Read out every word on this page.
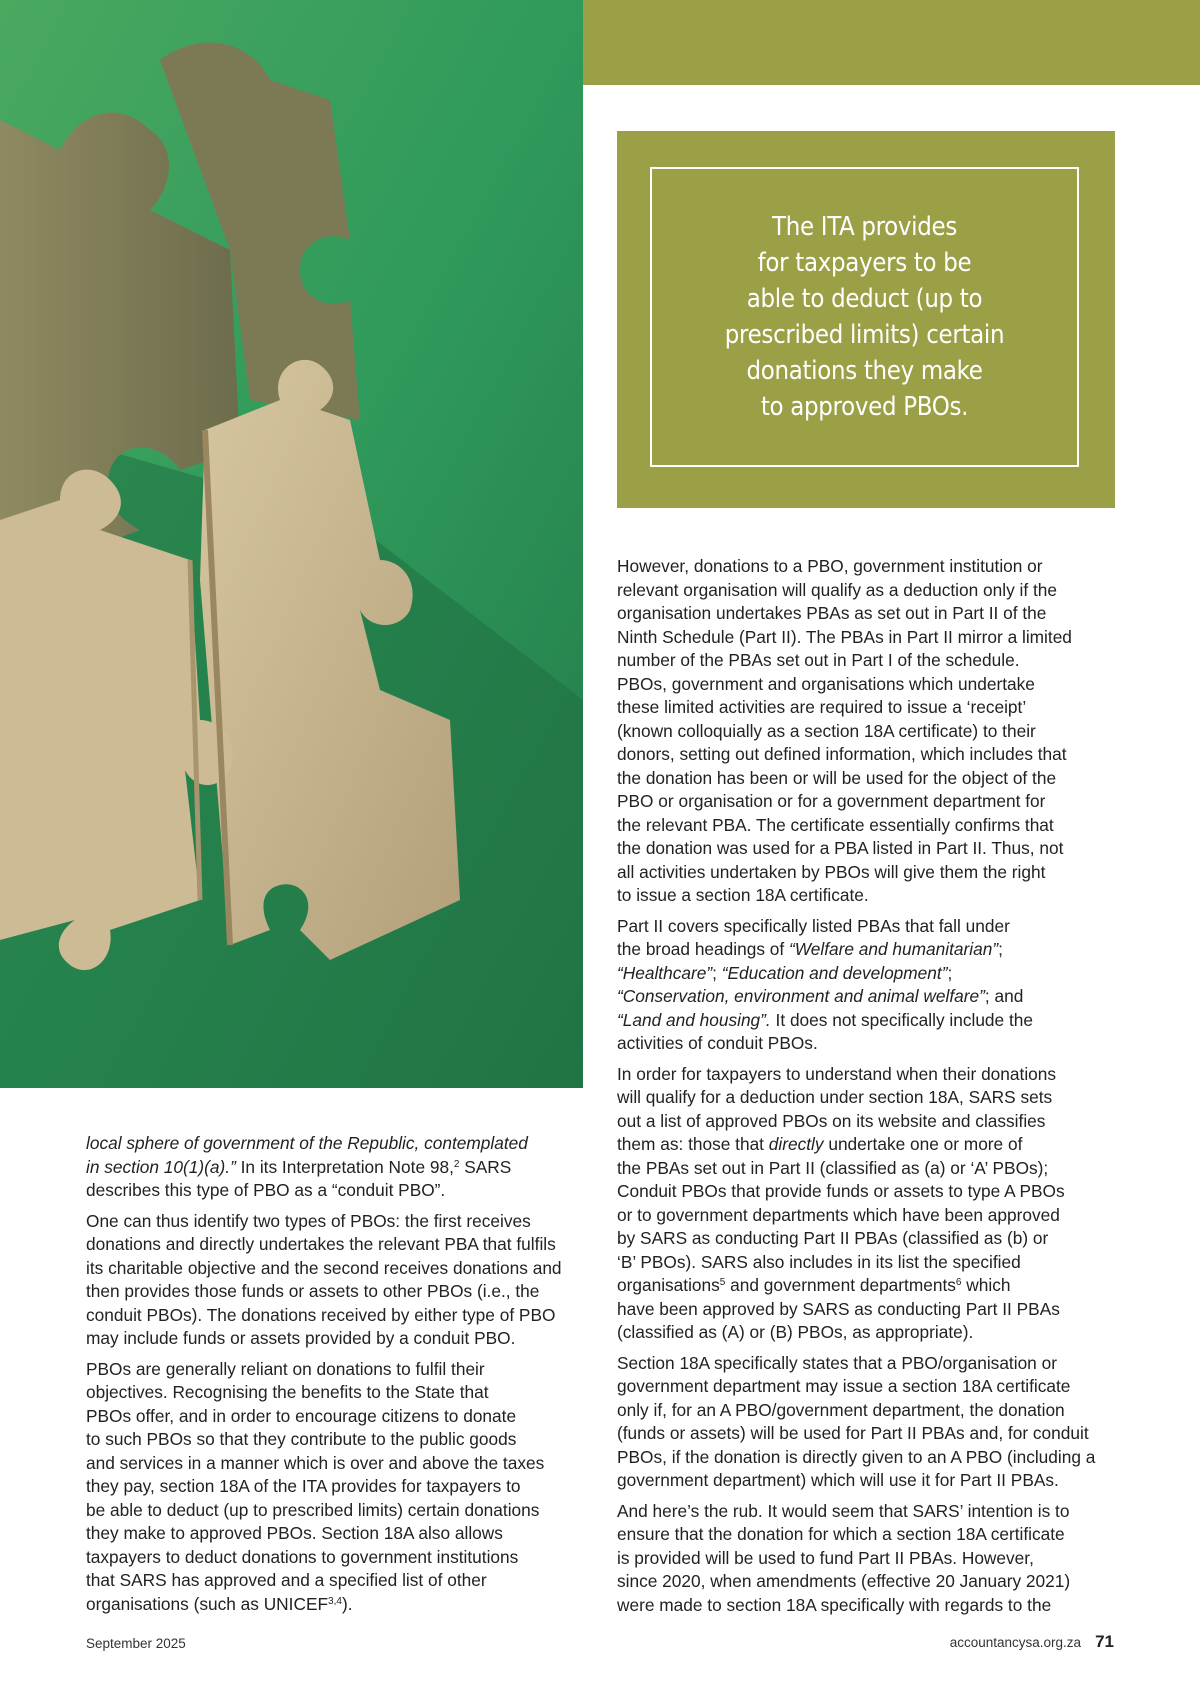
The ITA provides
for taxpayers to be
able to deduct (up to
prescribed limits) certain
donations they make
to approved PBOs.

local sphere of government of the Republic, contemplated
in section 10(1)(a).” In its Interpretation Note 98,$^2$ SARS
describes this type of PBO as a “conduit PBO”.

One can thus identify two types of PBOs: the first receives
donations and directly undertakes the relevant PBA that fulfils
its charitable objective and the second receives donations and
then provides those funds or assets to other PBOs (i.e., the
conduit PBOs). The donations received by either type of PBO
may include funds or assets provided by a conduit PBO.

PBOs are generally reliant on donations to fulfil their
objectives. Recognising the benefits to the State that
PBOs offer, and in order to encourage citizens to donate
to such PBOs so that they contribute to the public goods
and services in a manner which is over and above the taxes
they pay, section 18A of the ITA provides for taxpayers to
be able to deduct (up to prescribed limits) certain donations
they make to approved PBOs. Section 18A also allows
taxpayers to deduct donations to government institutions
that SARS has approved and a specified list of other
organisations (such as UNICEF$^{3,4}$).

However, donations to a PBO, government institution or
relevant organisation will qualify as a deduction only if the
organisation undertakes PBAs as set out in Part II of the
Ninth Schedule (Part II). The PBAs in Part II mirror a limited
number of the PBAs set out in Part I of the schedule.
PBOs, government and organisations which undertake
these limited activities are required to issue a ‘receipt’
(known colloquially as a section 18A certificate) to their
donors, setting out defined information, which includes that
the donation has been or will be used for the object of the
PBO or organisation or for a government department for
the relevant PBA. The certificate essentially confirms that
the donation was used for a PBA listed in Part II. Thus, not
all activities undertaken by PBOs will give them the right
to issue a section 18A certificate.

Part II covers specifically listed PBAs that fall under
the broad headings of “Welfare and humanitarian”;
“Healthcare”; “Education and development”;
“Conservation, environment and animal welfare”; and
“Land and housing”. It does not specifically include the
activities of conduit PBOs.

In order for taxpayers to understand when their donations
will qualify for a deduction under section 18A, SARS sets
out a list of approved PBOs on its website and classifies
them as: those that directly undertake one or more of
the PBAs set out in Part II (classified as (a) or ‘A’ PBOs);
Conduit PBOs that provide funds or assets to type A PBOs
or to government departments which have been approved
by SARS as conducting Part II PBAs (classified as (b) or
‘B’ PBOs). SARS also includes in its list the specified
organisations$^5$ and government departments$^6$ which
have been approved by SARS as conducting Part II PBAs
(classified as (A) or (B) PBOs, as appropriate).

Section 18A specifically states that a PBO/organisation or
government department may issue a section 18A certificate
only if, for an A PBO/government department, the donation
(funds or assets) will be used for Part II PBAs and, for conduit
PBOs, if the donation is directly given to an A PBO (including a
government department) which will use it for Part II PBAs.

And here’s the rub. It would seem that SARS’ intention is to
ensure that the donation for which a section 18A certificate
is provided will be used to fund Part II PBAs. However,
since 2020, when amendments (effective 20 January 2021)
were made to section 18A specifically with regards to the

September 2025	accountancysa.org.za 71
